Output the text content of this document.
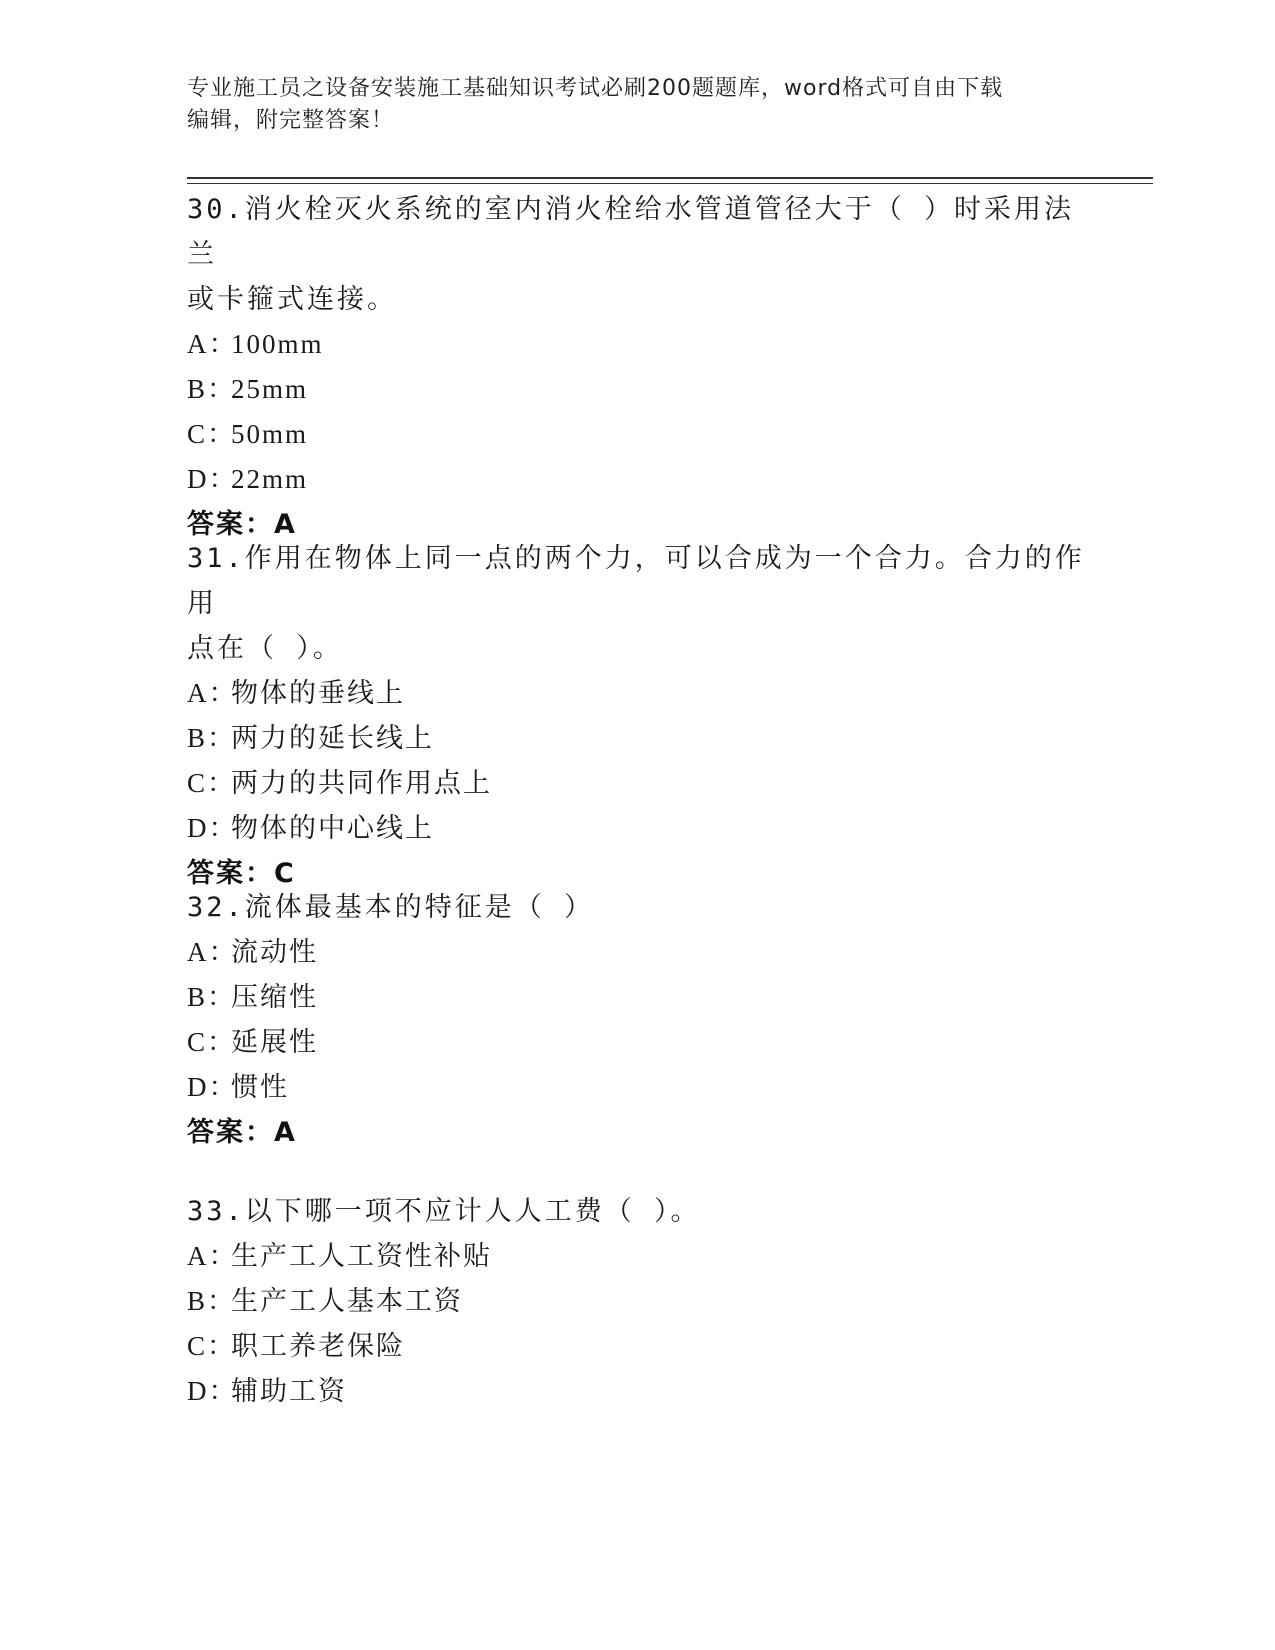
专业施工员之设备安装施工基础知识考试必刷200题题库，word格式可自由下载
编辑，附完整答案！
30.消火栓灭火系统的室内消火栓给水管道管径大于（ ）时采用法兰
或卡箍式连接。
A：100mm
B：25mm
C：50mm
D：22mm
答案：A
31.作用在物体上同一点的两个力，可以合成为一个合力。合力的作用
点在（ ）。
A：物体的垂线上
B：两力的延长线上
C：两力的共同作用点上
D：物体的中心线上
答案：C
32.流体最基本的特征是（ ）
A：流动性
B：压缩性
C：延展性
D：惯性
答案：A
33.以下哪一项不应计人人工费（ ）。
A：生产工人工资性补贴
B：生产工人基本工资
C：职工养老保险
D：辅助工资
